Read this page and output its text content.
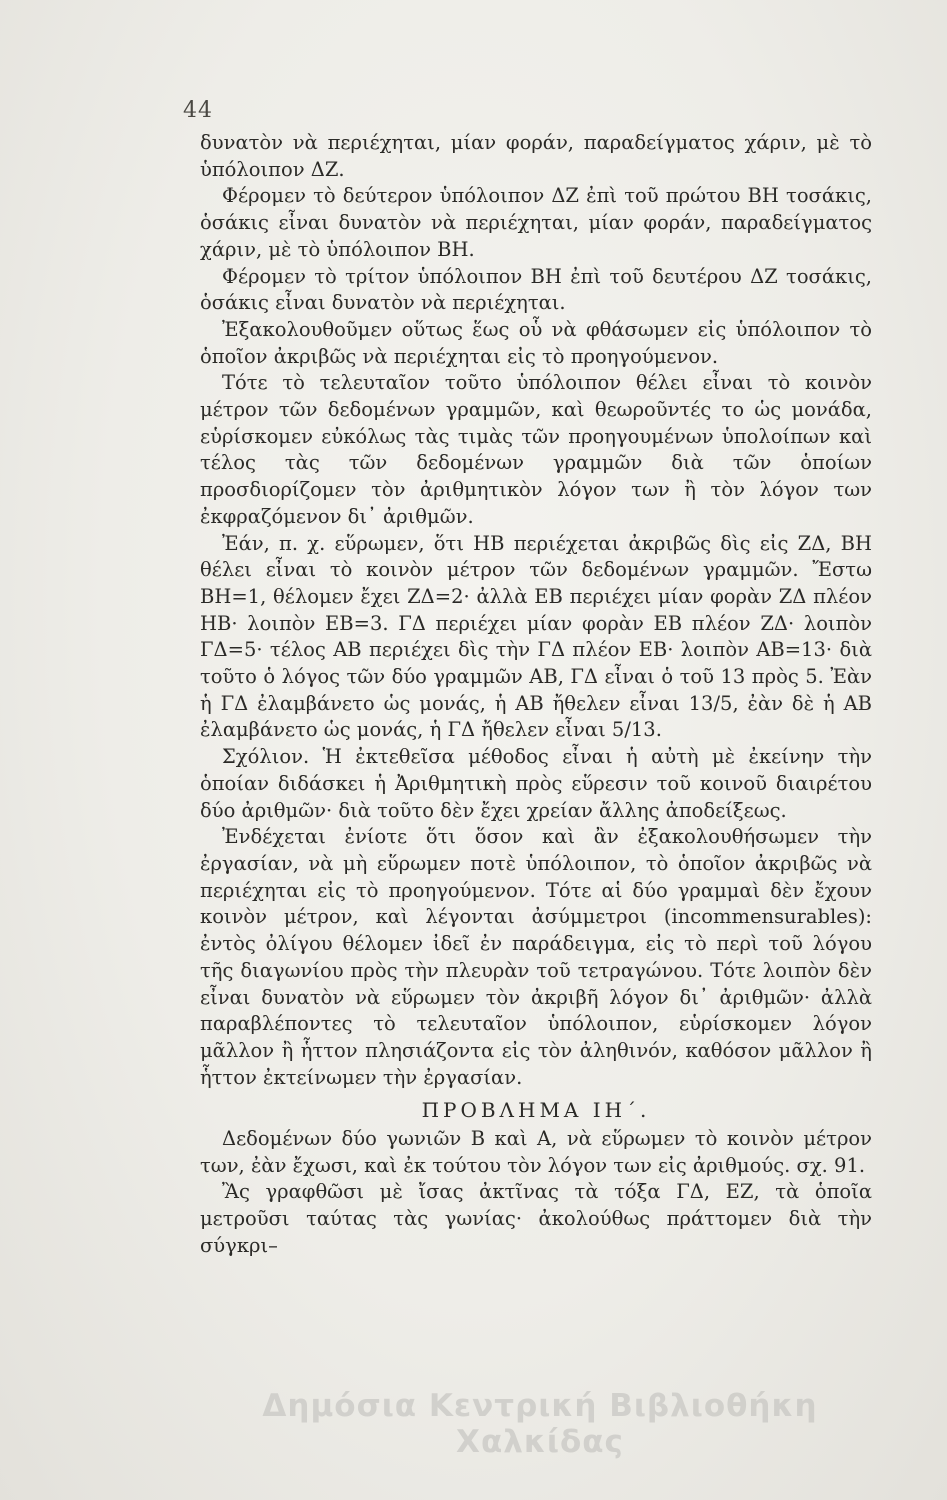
44

δυνατὸν νὰ περιέχηται, μίαν φοράν, παραδείγματος χάριν, μὲ τὸ ὑπόλοιπον ΔΖ.

Φέρομεν τὸ δεύτερον ὑπόλοιπον ΔΖ ἐπὶ τοῦ πρώτου ΒΗ τοσάκις, ὁσάκις εἶναι δυνατὸν νὰ περιέχηται, μίαν φοράν, παραδείγματος χάριν, μὲ τὸ ὑπόλοιπον ΒΗ.

Φέρομεν τὸ τρίτον ὑπόλοιπον ΒΗ ἐπὶ τοῦ δευτέρου ΔΖ τοσάκις, ὁσάκις εἶναι δυνατὸν νὰ περιέχηται.

Ἐξακολουθοῦμεν οὕτως ἕως οὗ νὰ φθάσωμεν εἰς ὑπόλοιπον τὸ ὁποῖον ἀκριβῶς νὰ περιέχηται εἰς τὸ προηγούμενον.

Τότε τὸ τελευταῖον τοῦτο ὑπόλοιπον θέλει εἶναι τὸ κοινὸν μέτρον τῶν δεδομένων γραμμῶν, καὶ θεωροῦντές το ὡς μονάδα, εὑρίσκομεν εὐκόλως τὰς τιμὰς τῶν προηγουμένων ὑπολοίπων καὶ τέλος τὰς τῶν δεδομένων γραμμῶν διὰ τῶν ὁποίων προσδιορίζομεν τὸν ἀριθμητικὸν λόγον των ἢ τὸν λόγον των ἐκφραζόμενον δι᾽ ἀριθμῶν.

Ἐάν, π. χ. εὕρωμεν, ὅτι ΗΒ περιέχεται ἀκριβῶς δὶς εἰς ΖΔ, ΒΗ θέλει εἶναι τὸ κοινὸν μέτρον τῶν δεδομένων γραμμῶν. Ἔστω ΒΗ=1, θέλομεν ἔχει ΖΔ=2· ἀλλὰ ΕΒ περιέχει μίαν φορὰν ΖΔ πλέον ΗΒ· λοιπὸν ΕΒ=3. ΓΔ περιέχει μίαν φορὰν ΕΒ πλέον ΖΔ· λοιπὸν ΓΔ=5· τέλος ΑΒ περιέχει δὶς τὴν ΓΔ πλέον ΕΒ· λοιπὸν ΑΒ=13· διὰ τοῦτο ὁ λόγος τῶν δύο γραμμῶν ΑΒ, ΓΔ εἶναι ὁ τοῦ 13 πρὸς 5. Ἐὰν ἡ ΓΔ ἐλαμβάνετο ὡς μονάς, ἡ ΑΒ ἤθελεν εἶναι 13/5, ἐὰν δὲ ἡ ΑΒ ἐλαμβάνετο ὡς μονάς, ἡ ΓΔ ἤθελεν εἶναι 5/13.

Σχόλιον. Ἡ ἐκτεθεῖσα μέθοδος εἶναι ἡ αὐτὴ μὲ ἐκείνην τὴν ὁποίαν διδάσκει ἡ Ἀριθμητικὴ πρὸς εὕρεσιν τοῦ κοινοῦ διαιρέτου δύο ἀριθμῶν· διὰ τοῦτο δὲν ἔχει χρείαν ἄλλης ἀποδείξεως.

Ἐνδέχεται ἐνίοτε ὅτι ὅσον καὶ ἂν ἐξακολουθήσωμεν τὴν ἐργασίαν, νὰ μὴ εὕρωμεν ποτὲ ὑπόλοιπον, τὸ ὁποῖον ἀκριβῶς νὰ περιέχηται εἰς τὸ προηγούμενον. Τότε αἱ δύο γραμμαὶ δὲν ἔχουν κοινὸν μέτρον, καὶ λέγονται ἀσύμμετροι (incommensurables): ἐντὸς ὀλίγου θέλομεν ἰδεῖ ἐν παράδειγμα, εἰς τὸ περὶ τοῦ λόγου τῆς διαγωνίου πρὸς τὴν πλευρὰν τοῦ τετραγώνου. Τότε λοιπὸν δὲν εἶναι δυνατὸν νὰ εὕρωμεν τὸν ἀκριβῆ λόγον δι᾽ ἀριθμῶν· ἀλλὰ παραβλέποντες τὸ τελευταῖον ὑπόλοιπον, εὑρίσκομεν λόγον μᾶλλον ἢ ἧττον πλησιάζοντα εἰς τὸν ἀληθινόν, καθόσον μᾶλλον ἢ ἧττον ἐκτείνωμεν τὴν ἐργασίαν.

ΠΡΟΒΛΗΜΑ ΙΗ΄.

Δεδομένων δύο γωνιῶν Β καὶ Α, νὰ εὕρωμεν τὸ κοινὸν μέτρον των, ἐὰν ἔχωσι, καὶ ἐκ τούτου τὸν λόγον των εἰς ἀριθμούς. σχ. 91.

Ἂς γραφθῶσι μὲ ἴσας ἀκτῖνας τὰ τόξα ΓΔ, ΕΖ, τὰ ὁποῖα μετροῦσι ταύτας τὰς γωνίας· ἀκολούθως πράττομεν διὰ τὴν σύγκρι–

Δημόσια Κεντρική Βιβλιοθήκη Χαλκίδας
